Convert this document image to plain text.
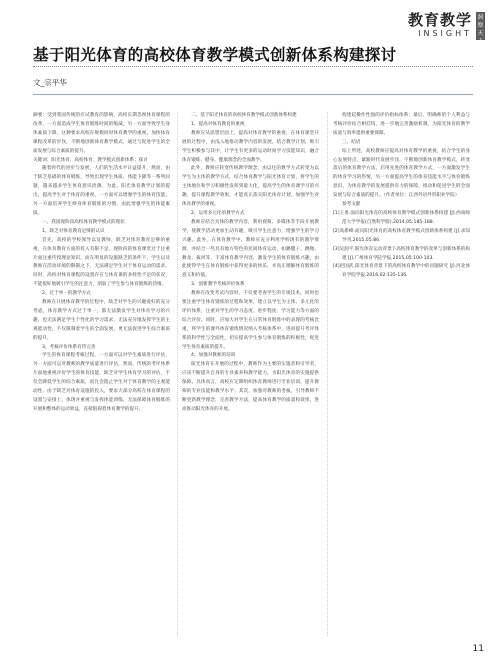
教育教学
INSIGHT
洞察天下
基于阳光体育的高校体育教学模式创新体系构建探讨
文_宗平华

摘要：受到我国传统的应试教育的影响，高校长期忽视体育课程的改革，一方面造成学生体育锻炼时间的缩减，另一方面导致学生身体素质下降，这种要求高校在规模同时体育教学的重视，加快体育课程改革的步伐，不断地创新体育教学模式，通过与促进学生的全面发展与综合素质的提升。

关键词：阳光体育；高校体育；教学模式创新体系；探讨

随着时代的进步与发展，人们的生活水平日益提升，然而，由于缺乏基础的体育锻炼，导致出现学生体质、体能下降等一系列问题，越来越多学生体育意识淡薄。为此，阳光体育教学计划的提出，提高学生对于体育的重视，一方面可以增强学生的体育技能，另一方面培养学生终身体育锻炼的习惯，由此增强学生的体能素质。

一、我国现阶段高校体育教学模式的现状

1、缺乏对体育教育足够的认识

首先，高校的学校领导以及教师，缺乏对体育教育足够的重视，在体育教育方面的投入有限不足。现阶段的体育课堂过于注重片面注重传授理论知识，而在明显的设施缺乏的条件下，学生以及教师在活动环境的限制之下，无法满足学生对于体育运动的需求。同时，高校对体育课程的设置存在与体育课的多样性不足的状况，不能很好地吸引学生的注意力，削弱了学生参与体育锻炼的热情。

2、过于单一的教学方式

教师在开展体育教学的过程中，缺乏对学生的兴趣爱好的充分考虑，体育教学方式过于单一，都无法激发学生对体育学习的兴趣，也无法满足学生个性化的学习需求，无法充分地发挥学生的主观能动性，不仅限制着学生的全面发展，更无法促进学生综合素质的提升。

3、考核评价体系有待完善

学生的体育课程考核过程，一方面可以对学生素质进行评估，另一方面可以对教师的教学质量进行评估，然而，传统的考评体系片面地重视评价学生的体育技能，缺乏对学生体育学习的评估，不仅会降低学生的综合素质，而且会阻止学生对于体育教学的主观能动性。由于缺乏对体育设施的投入，要求大部分高校在体育课程的设置与安排上，体现并重视与发挥体能训练，无法保障体育锻炼的开展和整体的运动效益，直接阻碍着体育教学的提升。

二、基于阳光体育的高校体育教学模式创新体系构建

1、提高对体育教育的重视

教师应从思想层面上，提高对体育教学的重视，在体育课堂开展的过程中，由浅入地推动教学内容的发展，结合教学计划，吸引学生积极参与其中，让学生有更多的运动时间学习技能知识，融合体育锻炼、健身、健康理念的全面教学。

此外，教师应转变传统教学理念，由以往的教学方式转变为以学生为主体的教学方式，结合体育教学与阳光体育计划，将学生的主体地位和学习积极性发挥到最大化，提高学生的体育课学习的兴趣，提升课程教学效果，才能真正落实阳光体育计划，加强学生对体育教学的重视。

2、运用多元化的教学方式

教师应结合具体的教学内容，利用视频、多媒体等手段开展教学，使教学活动更加生动有趣，吸引学生注意力，增强学生的学习兴趣。此外，在体育教学中，教师应充分利用学校现有的教学资源，并结合一些具有地方特色的民间体育运动，如踢毽子、跳绳、舞龙、拔河等，丰富体育教学内容，激发学生的体育锻炼兴趣，由此使得学生在体育锻炼中获得更多的快乐，并真正理解体育锻炼的意义和价值。

3、创新教学考核评价体系

教师在改变考试内容时，不仅要考查学生的专项技术，同时也要注重学生体育锻炼的过程和效果，建立以学生为主体、多元化的评价体系，注重对学生的学习态度、进步程度、学习能力等方面的综合评价。同时，应加大对学生在日常体育锻炼中的表现的考核比重，将学生的课外体育锻炼情况纳入考核体系中，进而提升考评体系的科学性与全面性，切实提高学生参与体育锻炼的积极性，促进学生体育素质的提升。

4、加强对教师的培训

阳光体育在开展的过程中，教师作为主要的实施者和引导者，应该不断提升自身的专业素养和教学能力，为阳光体育的实施提供保障。具体而言，高校应定期组织体育教师进行专业培训，提升教师的专业技能和教学水平；其次，加强对教师的考核，引导教师不断更新教学理念，完善教学方法，提高体育教学的质量和效果，进而推动阳光体育的开展。

构建起操作性强的评价指标体系；最后，明确师的个人利益与考核评价结合相挂钩，进一步地完善激励机制，为阳光体育的教学质量与效率提供重要保障。

三、结语

综上所述，高校教师应提高对体育教学的重视，结合学生的身心发展特点，紧跟时代发展步伐，不断地创新体育教学模式，转变落后的体育教学方法，启用先进的体育教学方式，一方面激发学生的体育学习的热情，另一方面提高学生的体育技能水平与体育锻炼意识，为体育教学的发展提供有力的保障，推动和促进学生的全面发展与综合素质的提升。（作者单位：江西外语外贸职业学院）

参考文献

[1]王勇.面向阳光体育的高校体育教学模式创新体系构建 [J].西南师范大学学报(自然科学版),2014,05:185-188.

[2]高新峰.面向阳光体育的高校体育教学模式创新体系构建 [J].求知导刊,2015,05:86.

[3]吴润平.阳光体育运动背景下高校体育教学的改革与创新体系的构建 [J].广州体育学院学报,2015,05:100-103.

[4]赵国武.阳光体育背景下的高校体育教学中的问题研究 [J].河北体育学院学报,2016,02:135-136.

11
